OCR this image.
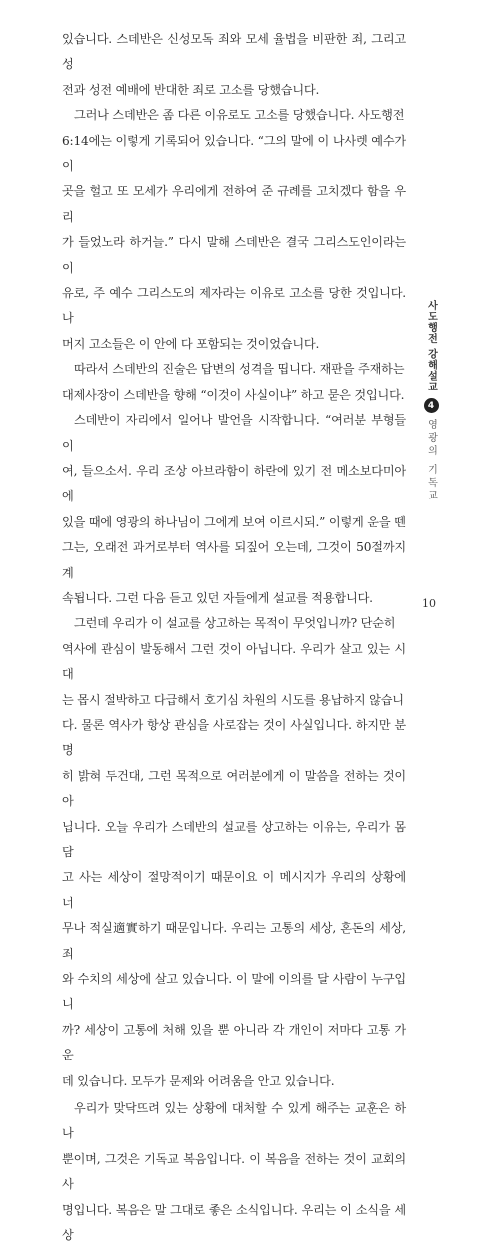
있습니다. 스데반은 신성모독 죄와 모세 율법을 비판한 죄, 그리고 성
전과 성전 예배에 반대한 죄로 고소를 당했습니다.

그러나 스데반은 좀 다른 이유로도 고소를 당했습니다. 사도행전
6:14에는 이렇게 기록되어 있습니다. “그의 말에 이 나사렛 예수가 이
곳을 헐고 또 모세가 우리에게 전하여 준 규례를 고치겠다 함을 우리
가 들었노라 하거늘.” 다시 말해 스데반은 결국 그리스도인이라는 이
유로, 주 예수 그리스도의 제자라는 이유로 고소를 당한 것입니다. 나
머지 고소들은 이 안에 다 포함되는 것이었습니다.

따라서 스데반의 진술은 답변의 성격을 띱니다. 재판을 주재하는
대제사장이 스데반을 향해 “이것이 사실이냐” 하고 묻은 것입니다.

스데반이 자리에서 일어나 발언을 시작합니다. “여러분 부형들이
여, 들으소서. 우리 조상 아브라함이 하란에 있기 전 메소보다미아에
있을 때에 영광의 하나님이 그에게 보여 이르시되.” 이렇게 운을 뗀
그는, 오래전 과거로부터 역사를 되짚어 오는데, 그것이 50절까지 계
속됩니다. 그런 다음 듣고 있던 자들에게 설교를 적용합니다.

그런데 우리가 이 설교를 상고하는 목적이 무엇입니까? 단순히
역사에 관심이 발동해서 그런 것이 아닙니다. 우리가 살고 있는 시대
는 몹시 절박하고 다급해서 호기심 차원의 시도를 용납하지 않습니
다. 물론 역사가 항상 관심을 사로잡는 것이 사실입니다. 하지만 분명
히 밝혀 두건대, 그런 목적으로 여러분에게 이 말씀을 전하는 것이 아
닙니다. 오늘 우리가 스데반의 설교를 상고하는 이유는, 우리가 몸담
고 사는 세상이 절망적이기 때문이요 이 메시지가 우리의 상황에 너
무나 적실適實하기 때문입니다. 우리는 고통의 세상, 혼돈의 세상, 죄
와 수치의 세상에 살고 있습니다. 이 말에 이의를 달 사람이 누구입니
까? 세상이 고통에 처해 있을 뿐 아니라 각 개인이 저마다 고통 가운
데 있습니다. 모두가 문제와 어려움을 안고 있습니다.

우리가 맞닥뜨려 있는 상황에 대처할 수 있게 해주는 교훈은 하나
뿐이며, 그것은 기독교 복음입니다. 이 복음을 전하는 것이 교회의 사
명입니다. 복음은 말 그대로 좋은 소식입니다. 우리는 이 소식을 세상

사도행전 강해설교
4
영광의 기독교
10
